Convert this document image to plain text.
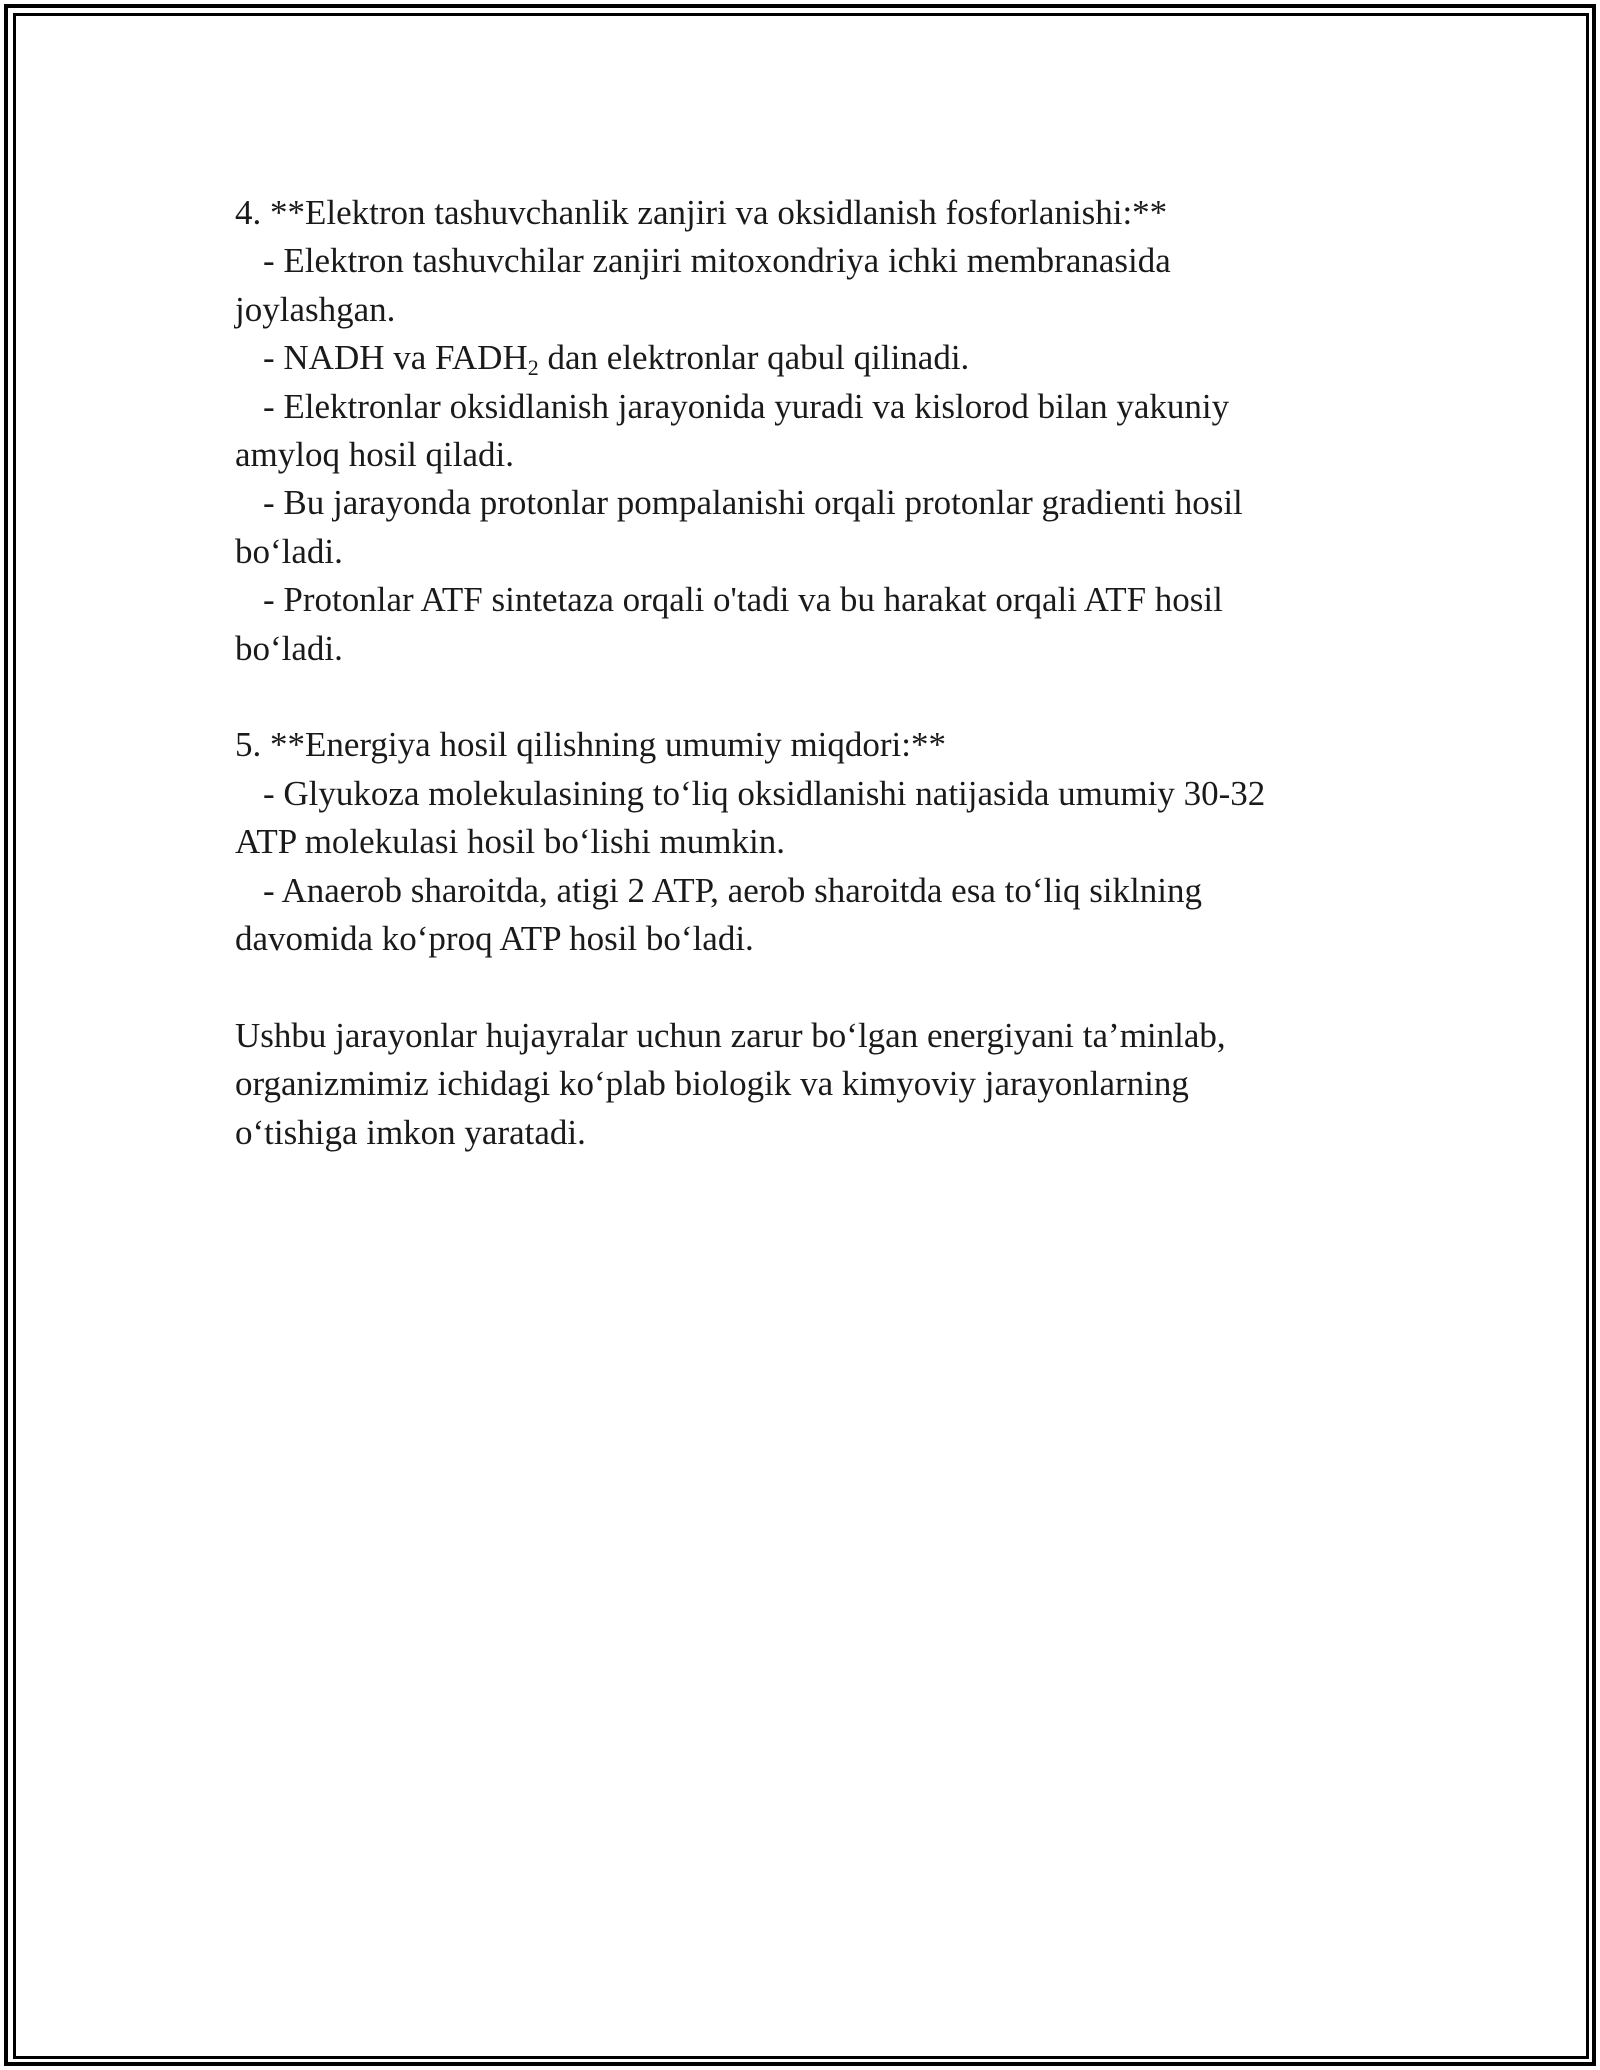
4. **Elektron tashuvchanlik zanjiri va oksidlanish fosforlanishi:**
- Elektron tashuvchilar zanjiri mitoxondriya ichki membranasida
joylashgan.
- NADH va $FADH_2$ dan elektronlar qabul qilinadi.
- Elektronlar oksidlanish jarayonida yuradi va kislorod bilan yakuniy
amyloq hosil qiladi.
- Bu jarayonda protonlar pompalanishi orqali protonlar gradienti hosil
bo‘ladi.
- Protonlar ATF sintetaza orqali o'tadi va bu harakat orqali ATF hosil
bo‘ladi.
5. **Energiya hosil qilishning umumiy miqdori:**
- Glyukoza molekulasining to‘liq oksidlanishi natijasida umumiy 30-32
ATP molekulasi hosil bo‘lishi mumkin.
- Anaerob sharoitda, atigi 2 ATP, aerob sharoitda esa to‘liq siklning
davomida ko‘proq ATP hosil bo‘ladi.
Ushbu jarayonlar hujayralar uchun zarur bo‘lgan energiyani ta’minlab,
organizmimiz ichidagi ko‘plab biologik va kimyoviy jarayonlarning
o‘tishiga imkon yaratadi.
